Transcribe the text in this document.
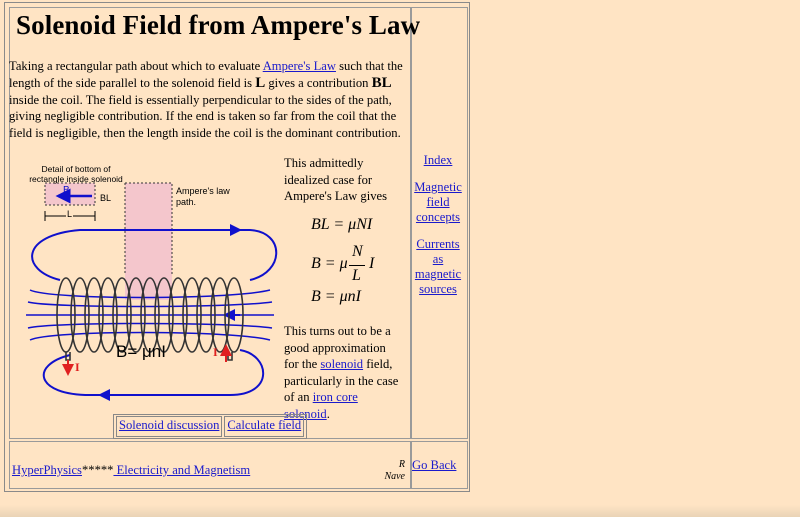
Solenoid Field from Ampere's Law

Taking a rectangular path about which to evaluate Ampere's Law such that the length of the side parallel to the solenoid field is L gives a contribution BL inside the coil. The field is essentially perpendicular to the sides of the path, giving negligible contribution. If the end is taken so far from the coil that the field is negligible, then the length inside the coil is the dominant contribution.

Detail of bottom of
rectangle inside solenoid
B
BL
L
Ampere's law
path.
B= μnI
I
I

This admittedly idealized case for Ampere's Law gives

BL = μNI
B = μ
N
L
I
B = μnI

This turns out to be a good approximation for the solenoid field, particularly in the case of an iron core solenoid.

Solenoid discussion Calculate field
Index
Magnetic field concepts
Currents as magnetic sources
HyperPhysics***** Electricity and Magnetism	R
Nave
Go Back
